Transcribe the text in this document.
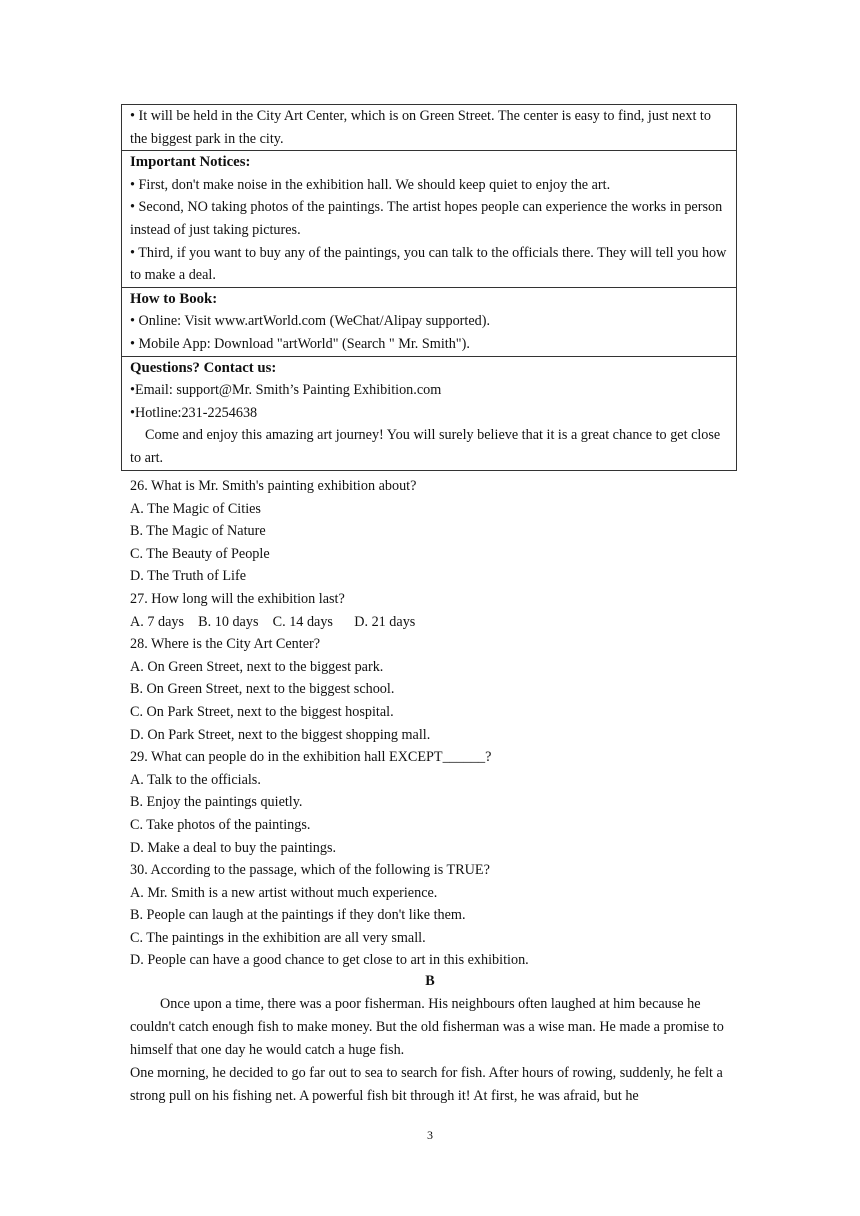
• It will be held in the City Art Center, which is on Green Street. The center is easy to find, just next to the biggest park in the city.

Important Notices:

• First, don't make noise in the exhibition hall. We should keep quiet to enjoy the art.

• Second, NO taking photos of the paintings. The artist hopes people can experience the works in person instead of just taking pictures.

• Third, if you want to buy any of the paintings, you can talk to the officials there. They will tell you how to make a deal.

How to Book:

• Online: Visit www.artWorld.com (WeChat/Alipay supported).

• Mobile App: Download "artWorld" (Search " Mr. Smith").

Questions? Contact us:

•Email: support@Mr. Smith’s Painting Exhibition.com

•Hotline:231-2254638

Come and enjoy this amazing art journey! You will surely believe that it is a great chance to get close to art.

26. What is Mr. Smith's painting exhibition about?

A. The Magic of Cities

B. The Magic of Nature

C. The Beauty of People

D. The Truth of Life

27. How long will the exhibition last?

A. 7 days    B. 10 days    C. 14 days      D. 21 days

28. Where is the City Art Center?

A. On Green Street, next to the biggest park.

B. On Green Street, next to the biggest school.

C. On Park Street, next to the biggest hospital.

D. On Park Street, next to the biggest shopping mall.

29. What can people do in the exhibition hall EXCEPT______?

A. Talk to the officials.

B. Enjoy the paintings quietly.

C. Take photos of the paintings.

D. Make a deal to buy the paintings.

30. According to the passage, which of the following is TRUE?

A. Mr. Smith is a new artist without much experience.

B. People can laugh at the paintings if they don't like them.

C. The paintings in the exhibition are all very small.

D. People can have a good chance to get close to art in this exhibition.

B

Once upon a time, there was a poor fisherman. His neighbours often laughed at him because he couldn't catch enough fish to make money. But the old fisherman was a wise man. He made a promise to himself that one day he would catch a huge fish.

One morning, he decided to go far out to sea to search for fish. After hours of rowing, suddenly, he felt a strong pull on his fishing net. A powerful fish bit through it! At first, he was afraid, but he

3
